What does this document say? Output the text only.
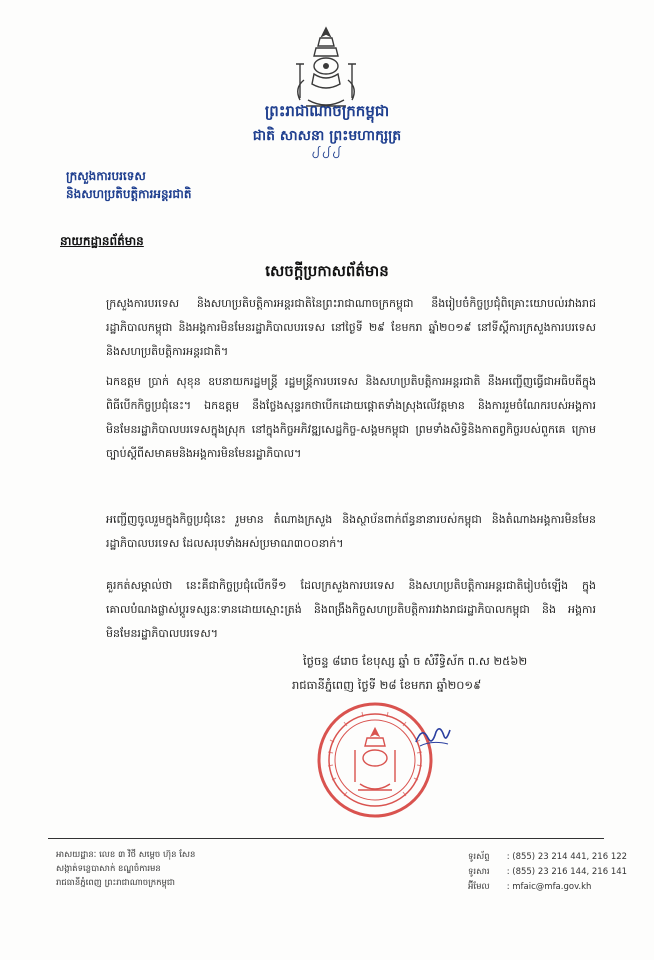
ព្រះរាជាណាចក្រកម្ពុជា
ជាតិ សាសនា ព្រះមហាក្សត្រ
ᨸᨸᨸ
ក្រសួងការបរទេស
និងសហប្រតិបត្តិការអន្តរជាតិ
នាយកដ្ឋានព័ត៌មាន
សេចក្តីប្រកាសព័ត៌មាន

ក្រសួងការបរទេស និងសហប្រតិបត្តិការអន្តរជាតិនៃព្រះរាជាណាចក្រកម្ពុជា នឹងរៀបចំកិច្ចប្រជុំពិគ្រោះយោបល់រវាងរាជរដ្ឋាភិបាលកម្ពុជា និងអង្គការមិនមែនរដ្ឋាភិបាលបរទេស នៅថ្ងៃទី ២៩ ខែមករា ឆ្នាំ២០១៩ នៅទីស្តីការក្រសួងការបរទេស និងសហប្រតិបត្តិការអន្តរជាតិ។

ឯកឧត្តម ប្រាក់ សុខុន ឧបនាយករដ្ឋមន្ត្រី រដ្ឋមន្ត្រីការបរទេស និងសហប្រតិបត្តិការអន្តរជាតិ នឹងអញ្ជើញធ្វើជាអធិបតីក្នុងពិធីបើកកិច្ចប្រជុំនេះ។ ឯកឧត្តម នឹងថ្លែងសុន្ទរកថាបើកដោយផ្តោតទាំងស្រុងលើវត្តមាន និងការរួមចំណែករបស់អង្គការមិនមែនរដ្ឋាភិបាលបរទេសក្នុងស្រុក នៅក្នុងកិច្ចអភិវឌ្ឍសេដ្ឋកិច្ច-សង្គមកម្ពុជា ព្រមទាំងសិទ្ធិនិងកាតព្វកិច្ចរបស់ពួកគេ ក្រោមច្បាប់ស្តីពីសមាគមនិងអង្គការមិនមែនរដ្ឋាភិបាល។

អញ្ជើញចូលរួមក្នុងកិច្ចប្រជុំនេះ រួមមាន តំណាងក្រសួង និងស្ថាប័នពាក់ព័ន្ធនានារបស់កម្ពុជា និងតំណាងអង្គការមិនមែនរដ្ឋាភិបាលបរទេស ដែលសរុបទាំងអស់ប្រមាណ៣០០នាក់។

គួរកត់សម្គាល់ថា នេះគឺជាកិច្ចប្រជុំលើកទី១ ដែលក្រសួងការបរទេស និងសហប្រតិបត្តិការអន្តរជាតិរៀបចំឡើង ក្នុងគោលបំណងផ្លាស់ប្តូរទស្សនៈទានដោយស្មោះត្រង់ និងពង្រឹងកិច្ចសហប្រតិបត្តិការរវាងរាជរដ្ឋាភិបាលកម្ពុជា និង អង្គការមិនមែនរដ្ឋាភិបាលបរទេស។

ថ្ងៃចន្ទ ៨រោច ខែបុស្ស ឆ្នាំ ច សំរឹទ្ធិស័ក ព.ស ២៥៦២
រាជធានីភ្នំពេញ ថ្ងៃទី ២៨ ខែមករា ឆ្នាំ២០១៩
អាសយដ្ឋានៈ លេខ ៣ វិថី សម្តេច ហ៊ុន សែន
សង្កាត់ទន្លេបាសាក់ ខណ្ឌចំការមន
រាជធានីភ្នំពេញ ព្រះរាជាណាចក្រកម្ពុជា
ទូរស័ព្ទ : (855) 23 214 441, 216 122
ទូរសារ : (855) 23 216 144, 216 141
អ៊ីមែល : mfaic@mfa.gov.kh
